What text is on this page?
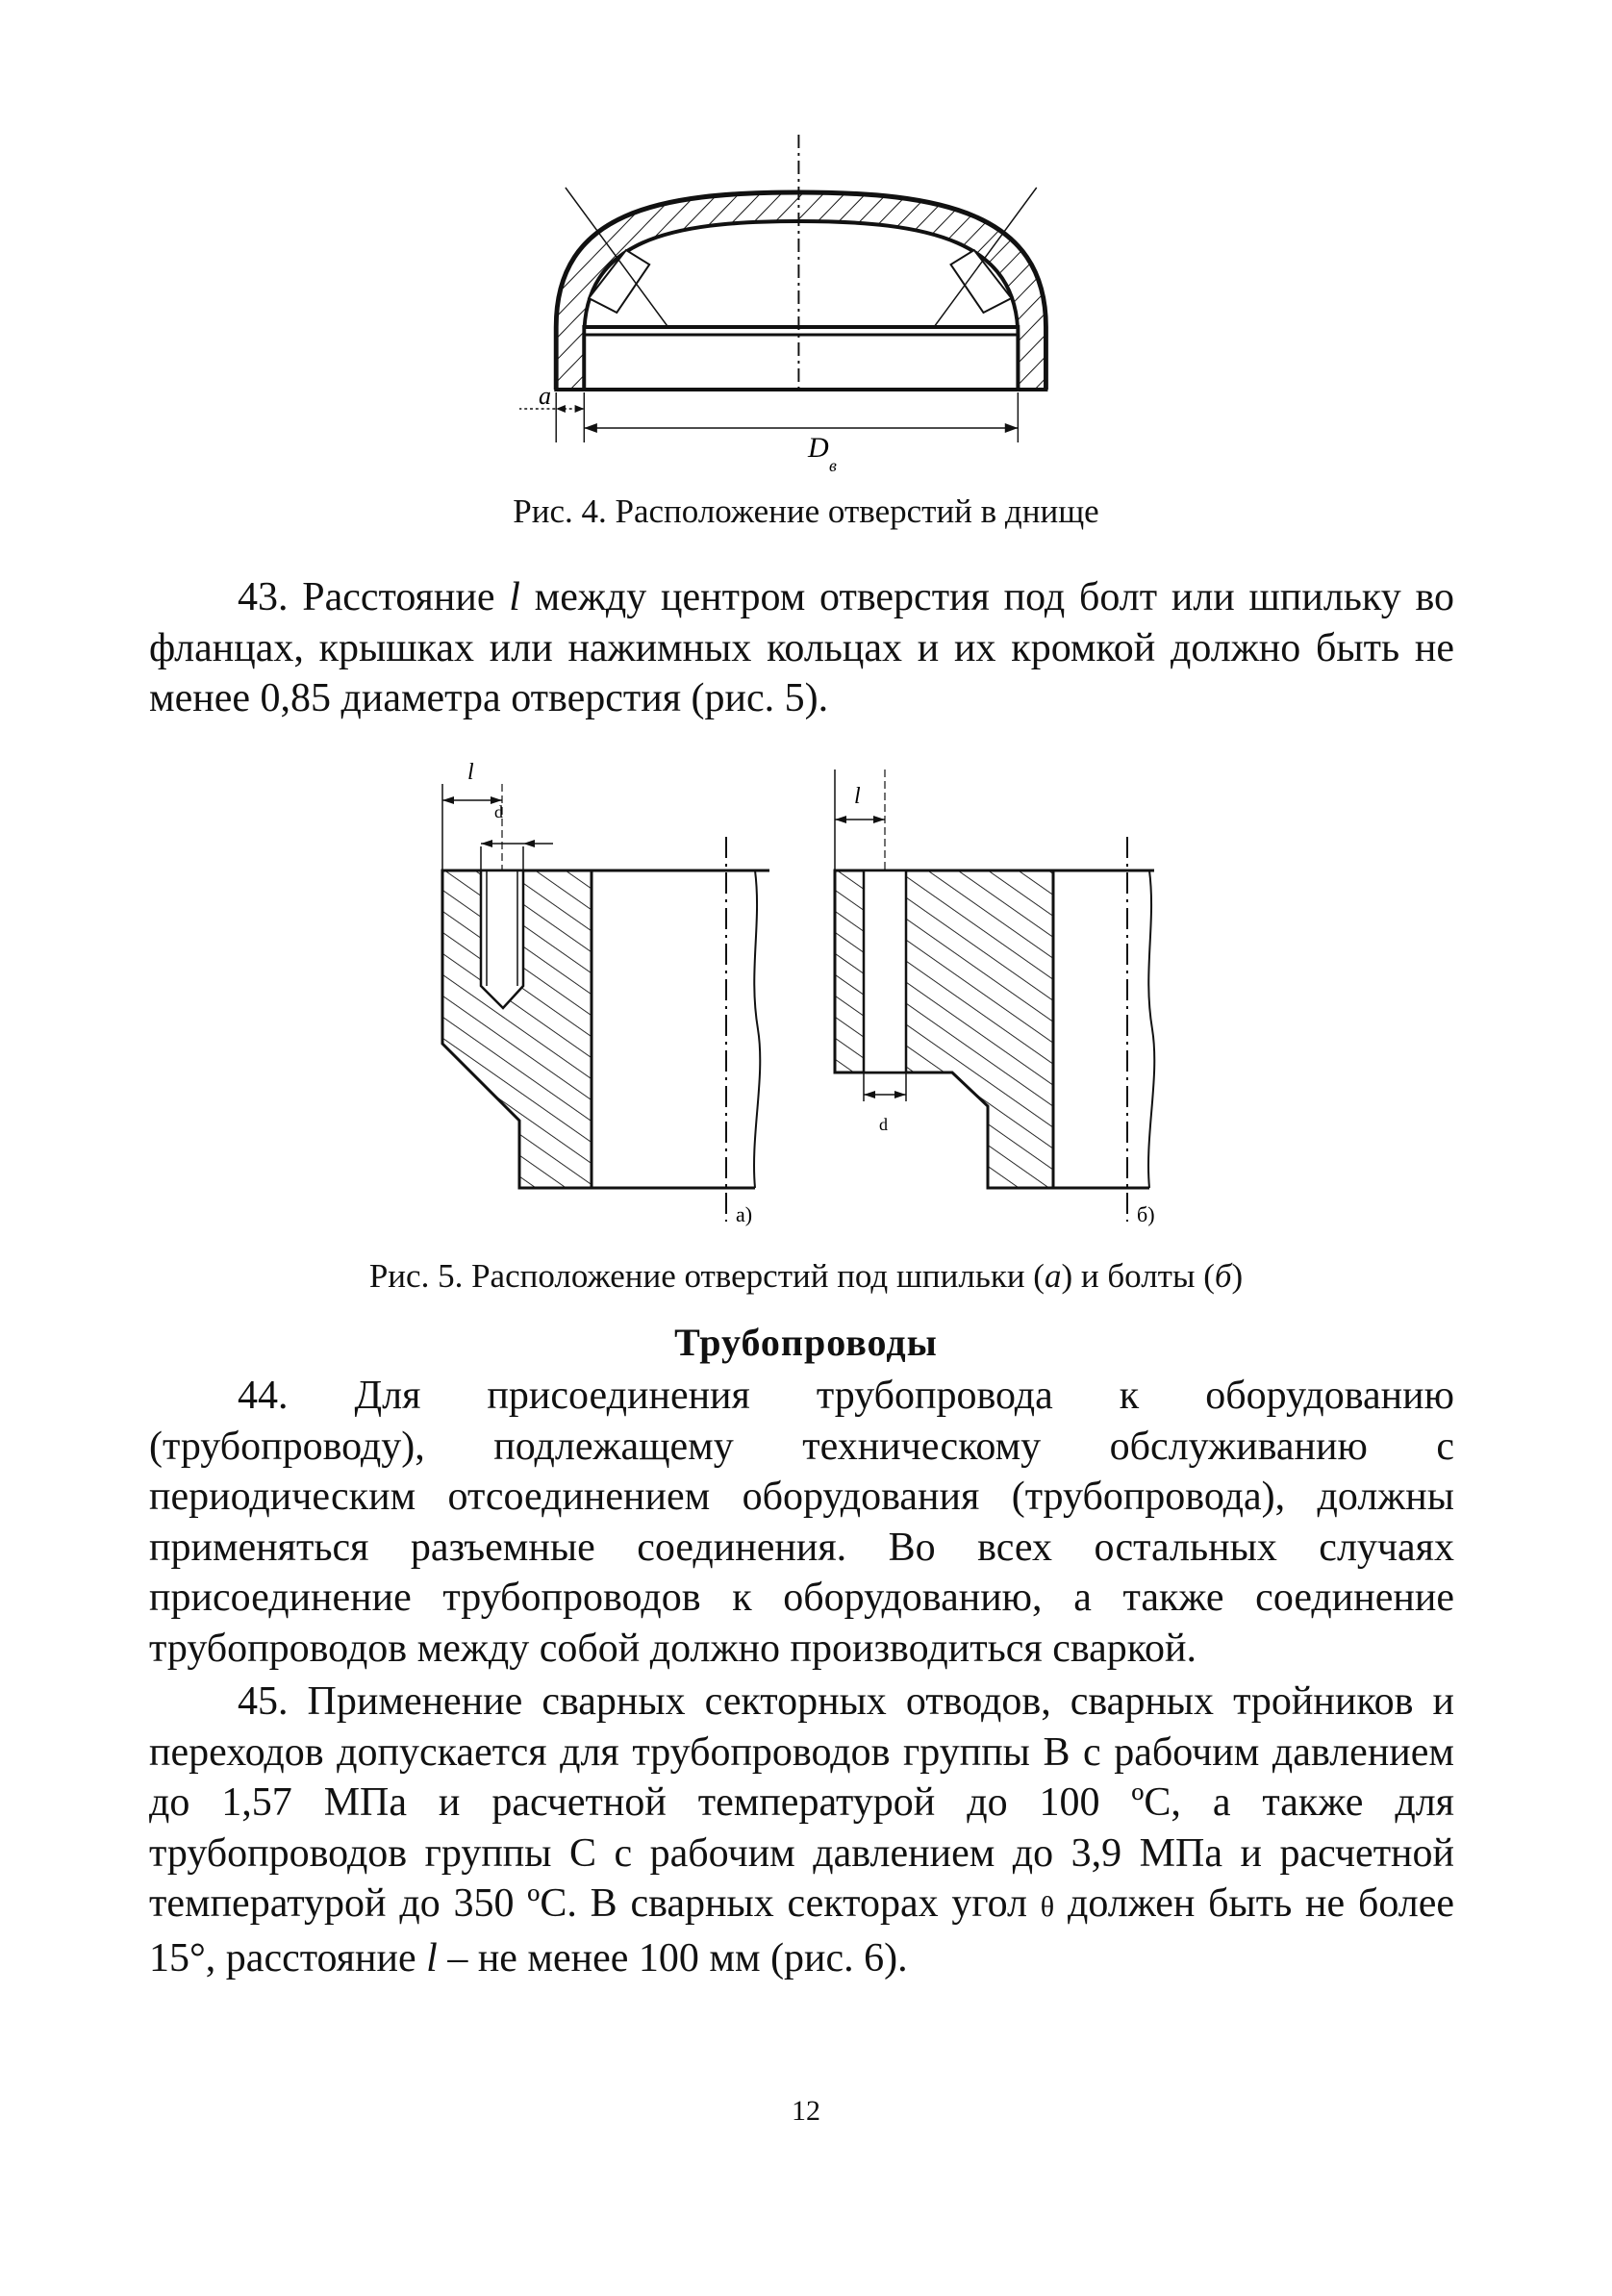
a
D
в
Рис. 4. Расположение отверстий в днище
43. Расстояние l между центром отверстия под болт или шпильку во фланцах, крышках или нажимных кольцах и их кромкой должно быть не менее 0,85 диаметра отверстия (рис. 5).
l
d
а)
l
d
б)
Рис. 5. Расположение отверстий под шпильки (а) и болты (б)
Трубопроводы
44. Для присоединения трубопровода к оборудованию (трубопроводу), подлежащему техническому обслуживанию с периодическим отсоединением оборудования (трубопровода), должны применяться разъемные соединения. Во всех остальных случаях присоединение трубопроводов к оборудованию, а также соединение трубопроводов между собой должно производиться сваркой.
45. Применение сварных секторных отводов, сварных тройников и переходов допускается для трубопроводов группы В с рабочим давлением до 1,57 МПа и расчетной температурой до 100 ºС, а также для трубопроводов группы С с рабочим давлением до 3,9 МПа и расчетной температурой до 350 ºС. В сварных секторах угол θ должен быть не более 15°, расстояние l – не менее 100 мм (рис. 6).
12
